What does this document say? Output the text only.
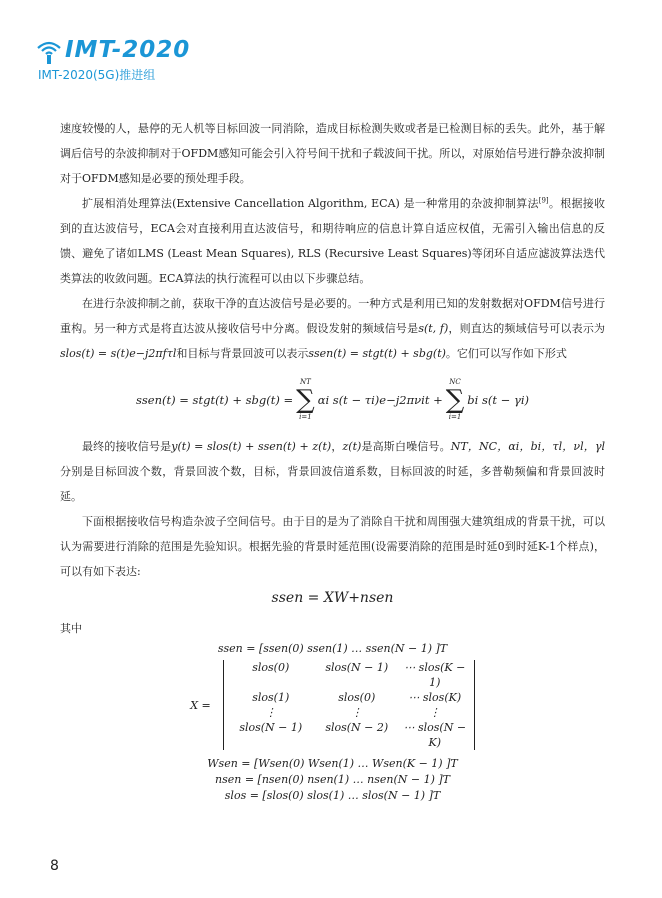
IMT-2020
IMT-2020(5G)推进组

速度较慢的人，悬停的无人机等目标回波一同消除，造成目标检测失败或者是已检测目标的丢失。此外，基于解调后信号的杂波抑制对于OFDM感知可能会引入符号间干扰和子载波间干扰。所以，对原始信号进行静杂波抑制对于OFDM感知是必要的预处理手段。

扩展相消处理算法(Extensive Cancellation Algorithm, ECA) 是一种常用的杂波抑制算法[9]。根据接收到的直达波信号，ECA会对直接利用直达波信号，和期待响应的信息计算自适应权值，无需引入输出信息的反馈、避免了诸如LMS (Least Mean Squares), RLS (Recursive Least Squares)等闭环自适应滤波算法迭代类算法的收敛问题。ECA算法的执行流程可以由以下步骤总结。

在进行杂波抑制之前，获取干净的直达波信号是必要的。一种方式是利用已知的发射数据对OFDM信号进行重构。另一种方式是将直达波从接收信号中分离。假设发射的频域信号是s(t, f)，则直达的频域信号可以表示为slos(t) = s(t)e−j2πfτl和目标与背景回波可以表示ssen(t) = stgt(t) + sbg(t)。它们可以写作如下形式

ssen(t) = stgt(t) + sbg(t) =
NT
∑
i=1
αi s(t − τi)e−j2πνit +
NC
∑
i=1
bi s(t − γi)

最终的接收信号是y(t) = slos(t) + ssen(t) + z(t)，z(t)是高斯白噪信号。NT，NC，αi，bi，τl，νl，γl分别是目标回波个数，背景回波个数，目标，背景回波信道系数，目标回波的时延，多普勒频偏和背景回波时延。

下面根据接收信号构造杂波子空间信号。由于目的是为了消除自干扰和周围强大建筑组成的背景干扰，可以认为需要进行消除的范围是先验知识。根据先验的背景时延范围(设需要消除的范围是时延0到时延K-1个样点)，可以有如下表达:

ssen = XW+nsen

其中

ssen = [ssen(0) ssen(1) … ssen(N − 1) ]T
X =
slos(0)	slos(N − 1)	⋯ slos(K − 1)
slos(1)	slos(0)	⋯ slos(K)
⋮	⋮	⋮
slos(N − 1)	slos(N − 2)	⋯ slos(N − K)
Wsen = [Wsen(0) Wsen(1) … Wsen(K − 1) ]T
nsen = [nsen(0) nsen(1) … nsen(N − 1) ]T
slos = [slos(0) slos(1) … slos(N − 1) ]T
8
